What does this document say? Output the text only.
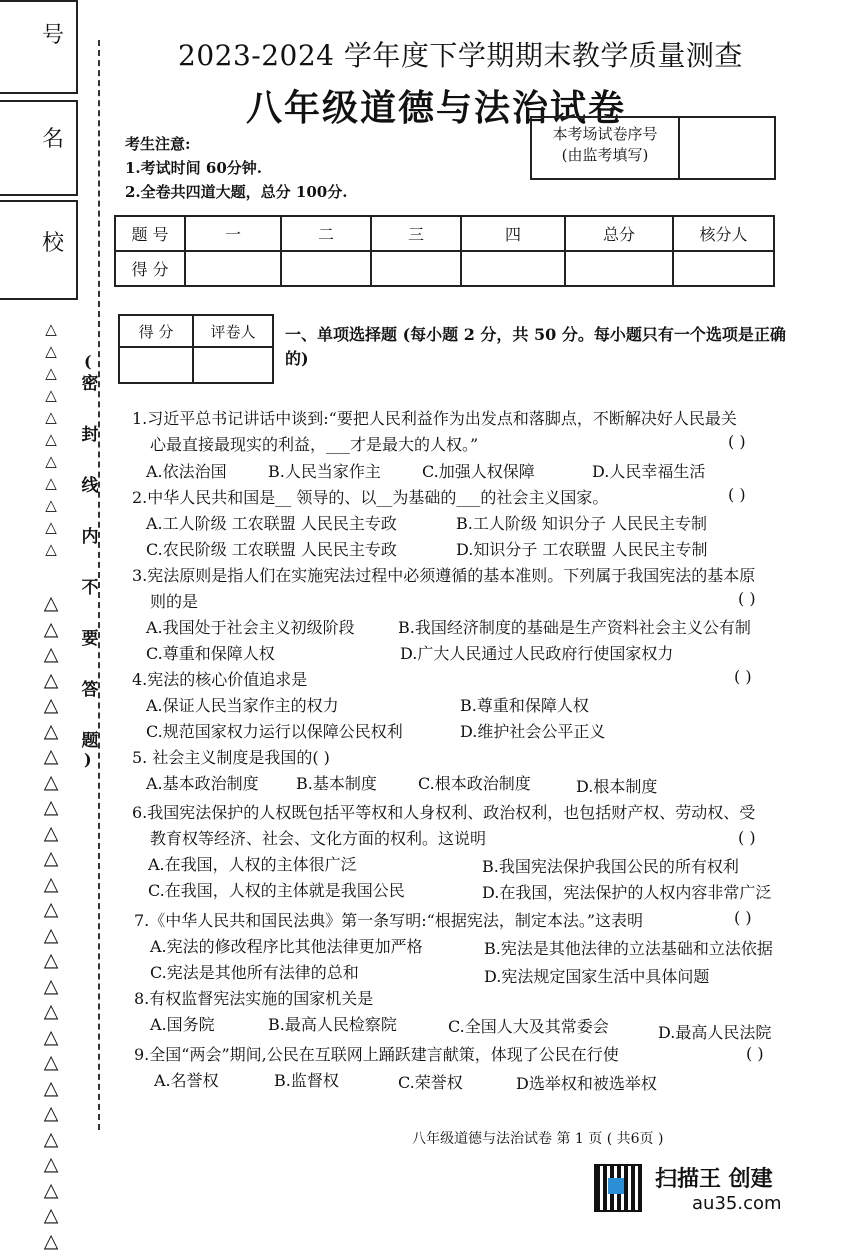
号
名
校
△
△
△
△
△
△
△
△
△
△
△
△
△
△
△
△
△
△
△
△
△
△
△
△
△
△
△
△
△
△
△
△
△
△
△
△
△
(
密
封
线
内
不
要
答
题
)
2023-2024 学年度下学期期末教学质量测查
八年级道德与法治试卷
考生注意:
1.考试时间 60分钟.
2.全卷共四道大题，总分 100分.
本考场试卷序号
(由监考填写)
题 号	一	二	三	四	总分	核分人
得 分						
得 分	评卷人
	一、单项选择题 (每小题 2 分，共 50 分。每小题只有一个选项是正确的)
1.习近平总书记讲话中谈到:“要把人民利益作为出发点和落脚点，不断解决好人民最关
心最直接最现实的利益，___才是最大的人权。”	( )
A.依法治国	B.人民当家作主	C.加强人权保障	D.人民幸福生活
2.中华人民共和国是__ 领导的、以__为基础的___的社会主义国家。	( )
A.工人阶级 工农联盟 人民民主专政	B.工人阶级 知识分子 人民民主专制
C.农民阶级 工农联盟 人民民主专政	D.知识分子 工农联盟 人民民主专制
3.宪法原则是指人们在实施宪法过程中必须遵循的基本准则。下列属于我国宪法的基本原
则的是	( )
A.我国处于社会主义初级阶段	B.我国经济制度的基础是生产资料社会主义公有制
C.尊重和保障人权	D.广大人民通过人民政府行使国家权力
4.宪法的核心价值追求是	( )
A.保证人民当家作主的权力	B.尊重和保障人权
C.规范国家权力运行以保障公民权利	D.维护社会公平正义
5. 社会主义制度是我国的( )
A.基本政治制度 B.基本制度	C.根本政治制度	D.根本制度
6.我国宪法保护的人权既包括平等权和人身权利、政治权利，也包括财产权、劳动权、受
教育权等经济、社会、文化方面的权利。这说明	( )
A.在我国，人权的主体很广泛	B.我国宪法保护我国公民的所有权利
C.在我国，人权的主体就是我国公民	D.在我国，宪法保护的人权内容非常广泛
7.《中华人民共和国民法典》第一条写明:“根据宪法，制定本法。”这表明	( )
A.宪法的修改程序比其他法律更加严格	B.宪法是其他法律的立法基础和立法依据
C.宪法是其他所有法律的总和	D.宪法规定国家生活中具体问题
8.有权监督宪法实施的国家机关是
A.国务院	B.最高人民检察院	C.全国人大及其常委会	D.最高人民法院
9.全国“两会”期间,公民在互联网上踊跃建言献策，体现了公民在行使	( )
A.名誉权	B.监督权	C.荣誉权	D选举权和被选举权
八年级道德与法治试卷 第 1 页 ( 共6页 )
扫描王 创建
au35.com
